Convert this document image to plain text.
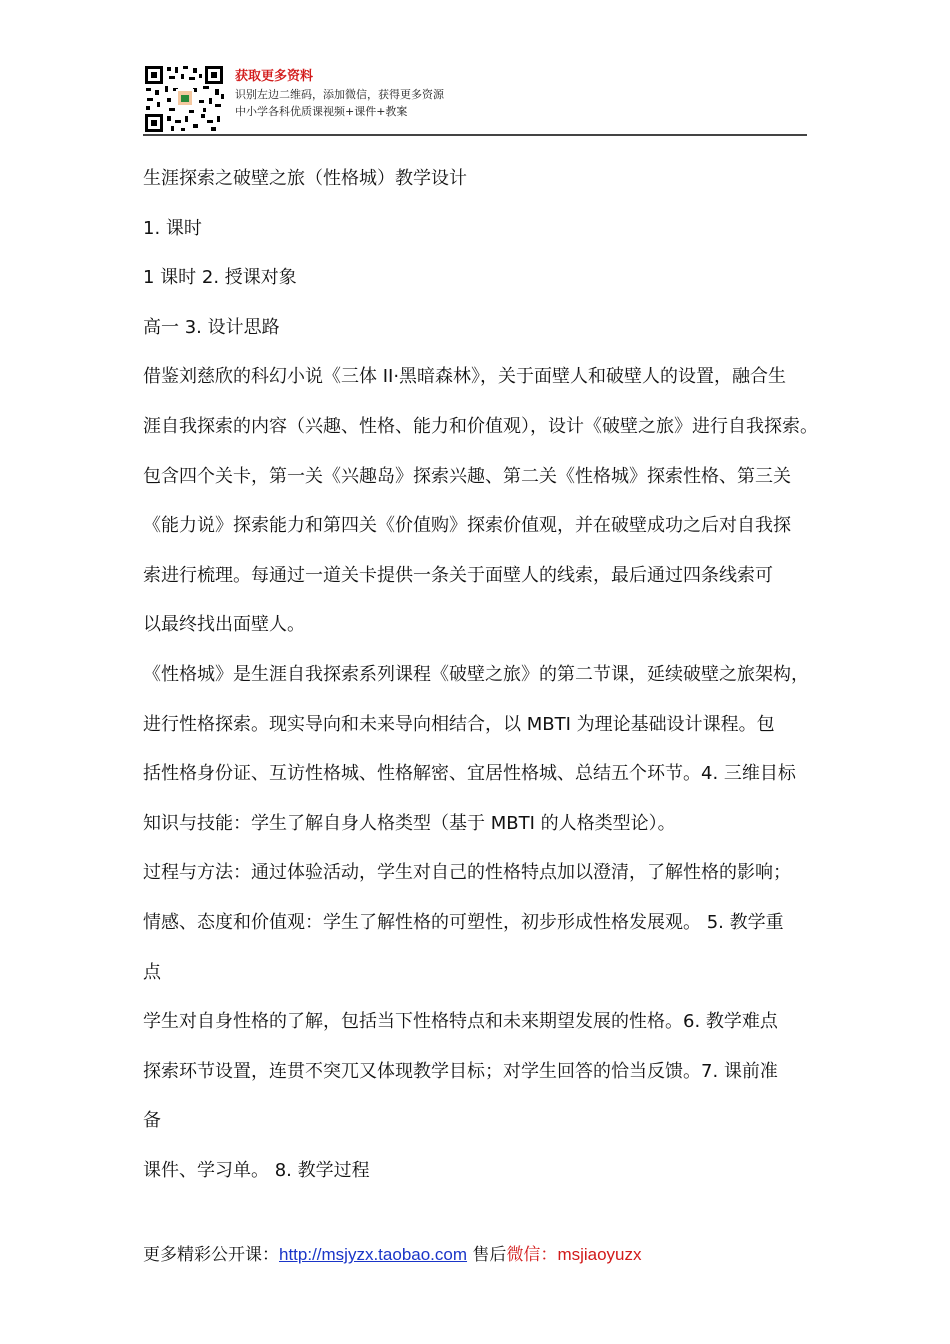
获取更多资料
识别左边二维码，添加微信，获得更多资源
中小学各科优质课视频+课件+教案

生涯探索之破壁之旅（性格城）教学设计

1. 课时

1 课时 2. 授课对象

高一 3. 设计思路

借鉴刘慈欣的科幻小说《三体 II·黑暗森林》，关于面壁人和破壁人的设置，融合生

涯自我探索的内容（兴趣、性格、能力和价值观），设计《破壁之旅》进行自我探索。

包含四个关卡，第一关《兴趣岛》探索兴趣、第二关《性格城》探索性格、第三关

《能力说》探索能力和第四关《价值购》探索价值观，并在破壁成功之后对自我探

索进行梳理。每通过一道关卡提供一条关于面壁人的线索，最后通过四条线索可

以最终找出面壁人。

《性格城》是生涯自我探索系列课程《破壁之旅》的第二节课，延续破壁之旅架构，

进行性格探索。现实导向和未来导向相结合，以 MBTI 为理论基础设计课程。包

括性格身份证、互访性格城、性格解密、宜居性格城、总结五个环节。4. 三维目标

知识与技能：学生了解自身人格类型（基于 MBTI 的人格类型论）。

过程与方法：通过体验活动，学生对自己的性格特点加以澄清，了解性格的影响；

情感、态度和价值观：学生了解性格的可塑性，初步形成性格发展观。 5. 教学重

点

学生对自身性格的了解，包括当下性格特点和未来期望发展的性格。6. 教学难点

探索环节设置，连贯不突兀又体现教学目标；对学生回答的恰当反馈。7. 课前准

备

课件、学习单。 8. 教学过程

更多精彩公开课：http://msjyzx.taobao.com 售后微信：msjiaoyuzx
